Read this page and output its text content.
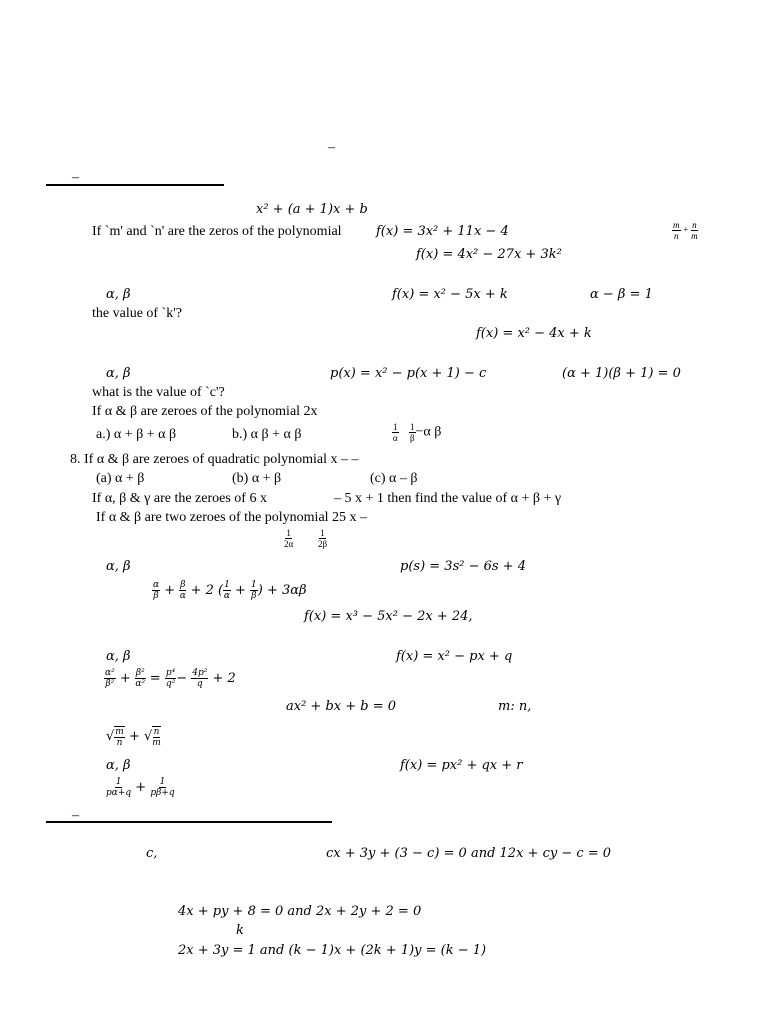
–
–
x² + (a + 1)x + b
If `m' and `n' are the zeros of the polynomial	f(x) = 3x² + 11x − 4	$\frac{m}{n} + \frac{n}{m}$
f(x) = 4x² − 27x + 3k²
α, β	f(x) = x² − 5x + k	α − β = 1
the value of `k'?
f(x) = x² − 4x + k
α, β	p(x) = x² − p(x + 1) − c	(α + 1)(β + 1) = 0
what is the value of `c'?
If α & β are zeroes of the polynomial 2x
a.) α + β + α β	b.) α β + α β	$\frac{1}{\alpha}$
$\frac{1}{\beta} -\alpha$ β
8. If α & β are zeroes of quadratic polynomial x – –
(a) α + β	(b) α + β	(c) α – β
If α, β & γ are the zeroes of 6 x	– 5 x + 1 then find the value of α + β + γ
If α & β are two zeroes of the polynomial 25 x –
$\frac{1}{2\alpha}$	$\frac{1}{2\beta}$
α, β	p(s) = 3s² − 6s + 4
$\frac{\alpha}{\beta} + \frac{\beta}{\alpha} + 2$ ( $\frac{1}{\alpha} + \frac{1}{\beta}$ ) + 3αβ
f(x) = x³ − 5x² − 2x + 24,
α, β	f(x) = x² − px + q
$\frac{\text{α²}}{\text{β²}} + \frac{\text{β²}}{\text{α²}} = \frac{\text{p⁴}}{\text{q²}} - \frac{\text{4p²}}{q} + 2$
ax² + bx + b = 0	m: n,
√ $\frac{m}{n}$ + √ $\frac{n}{m}$
α, β	f(x) = px² + qx + r
$\frac{1}{p\alpha+q} + \frac{1}{p\beta+q}$
–
c,	cx + 3y + (3 − c) = 0 and 12x + cy − c = 0
4x + py + 8 = 0 and 2x + 2y + 2 = 0
k
2x + 3y = 1 and (k − 1)x + (2k + 1)y = (k − 1)
